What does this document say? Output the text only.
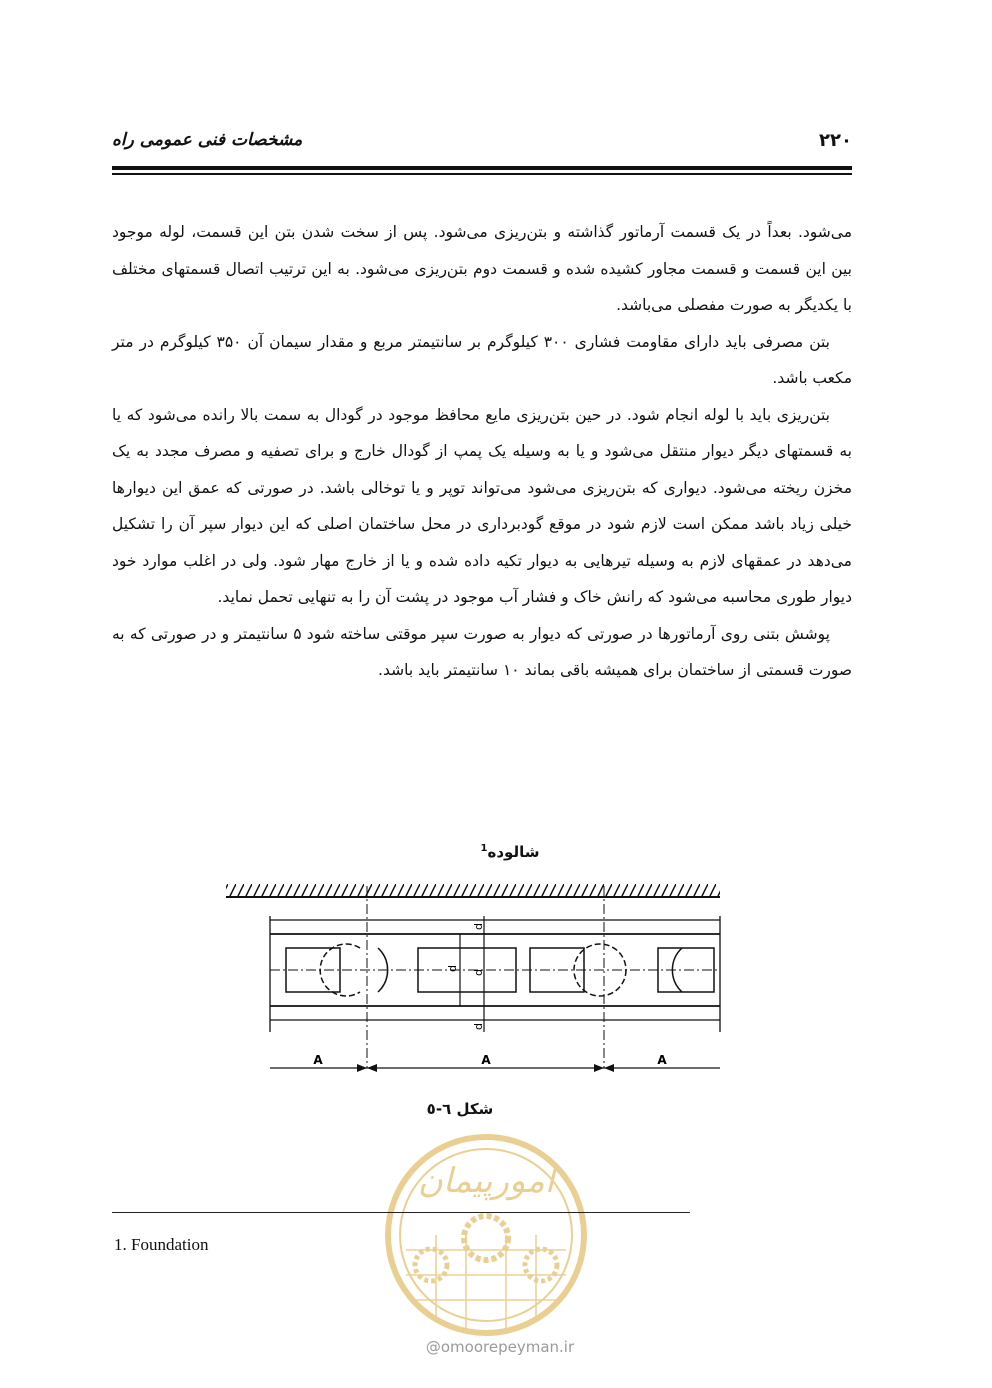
۲۲۰
مشخصات فنی عمومی راه

می‌شود. بعداً در یک قسمت آرماتور گذاشته و بتن‌ریزی می‌شود. پس از سخت شدن بتن این قسمت، لوله موجود بین این قسمت و قسمت مجاور کشیده شده و قسمت دوم بتن‌ریزی می‌شود. به این ترتیب اتصال قسمتهای مختلف با یکدیگر به صورت مفصلی می‌باشد.

بتن مصرفی باید دارای مقاومت فشاری ۳۰۰ کیلوگرم بر سانتیمتر مربع و مقدار سیمان آن ۳۵۰ کیلوگرم در متر مکعب باشد.

بتن‌ریزی باید با لوله انجام شود. در حین بتن‌ریزی مایع محافظ موجود در گودال به سمت بالا رانده می‌شود که یا به قسمتهای دیگر دیوار منتقل می‌شود و یا به وسیله یک پمپ از گودال خارج و برای تصفیه و مصرف مجدد به یک مخزن ریخته می‌شود. دیواری که بتن‌ریزی می‌شود می‌تواند توپر و یا توخالی باشد. در صورتی که عمق این دیوارها خیلی زیاد باشد ممکن است لازم شود در موقع گودبرداری در محل ساختمان اصلی که این دیوار سپر آن را تشکیل می‌دهد در عمقهای لازم به وسیله تیرهایی به دیوار تکیه داده شده و یا از خارج مهار شود. ولی در اغلب موارد خود دیوار طوری محاسبه می‌شود که رانش خاک و فشار آب موجود در پشت آن را به تنهایی تحمل نماید.

پوشش بتنی روی آرماتورها در صورتی که دیوار به صورت سپر موقتی ساخته شود ۵ سانتیمتر و در صورتی که به صورت قسمتی از ساختمان برای همیشه باقی بماند ۱۰ سانتیمتر باید باشد.

شالوده$^1$
d
d
d
d
A	A	A
شکل ٦-٥
امورپیمان
@omoorepeyman.ir
1. Foundation
